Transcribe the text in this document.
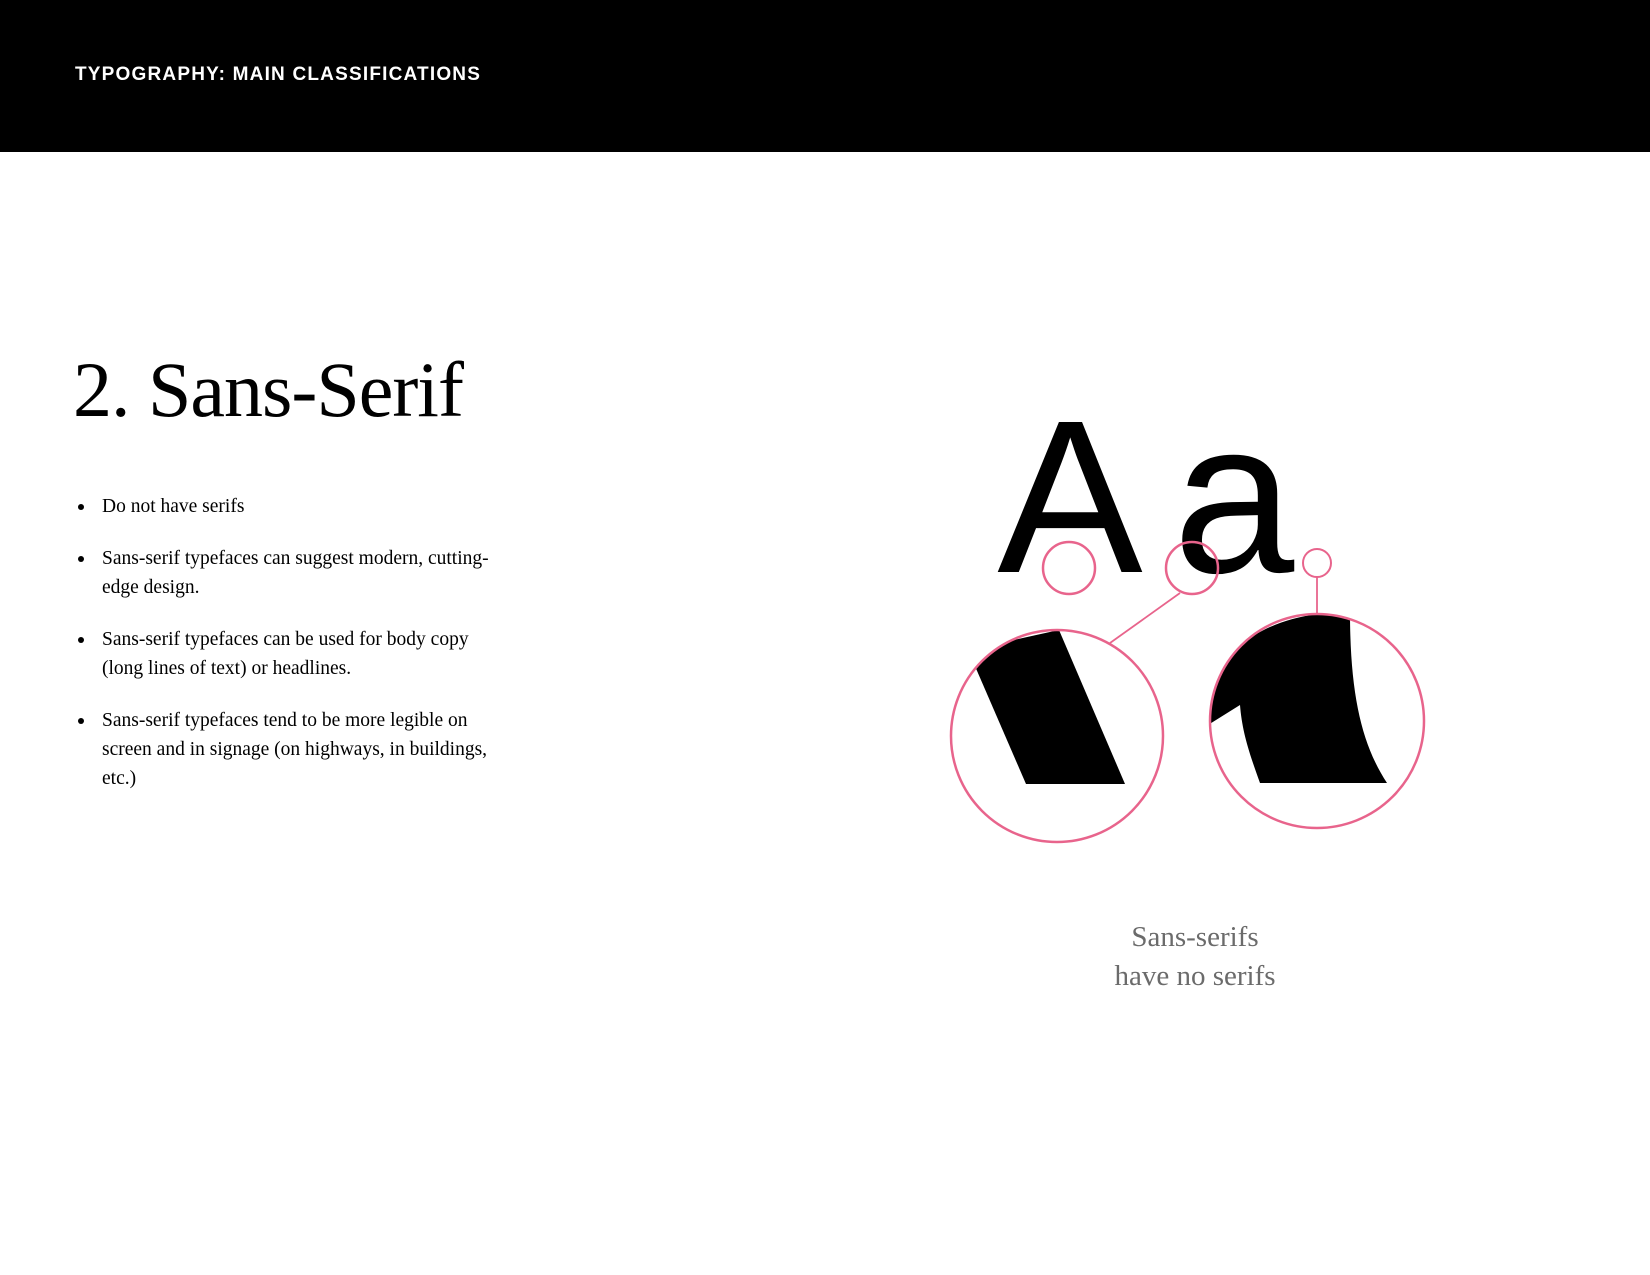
TYPOGRAPHY: MAIN CLASSIFICATIONS
2. Sans-Serif
Do not have serifs
Sans-serif typefaces can suggest modern, cutting-edge design.
Sans-serif typefaces can be used for body copy (long lines of text) or headlines.
Sans-serif typefaces tend to be more legible on screen and in signage (on highways, in buildings, etc.)
A a
Sans-serifs
have no serifs
